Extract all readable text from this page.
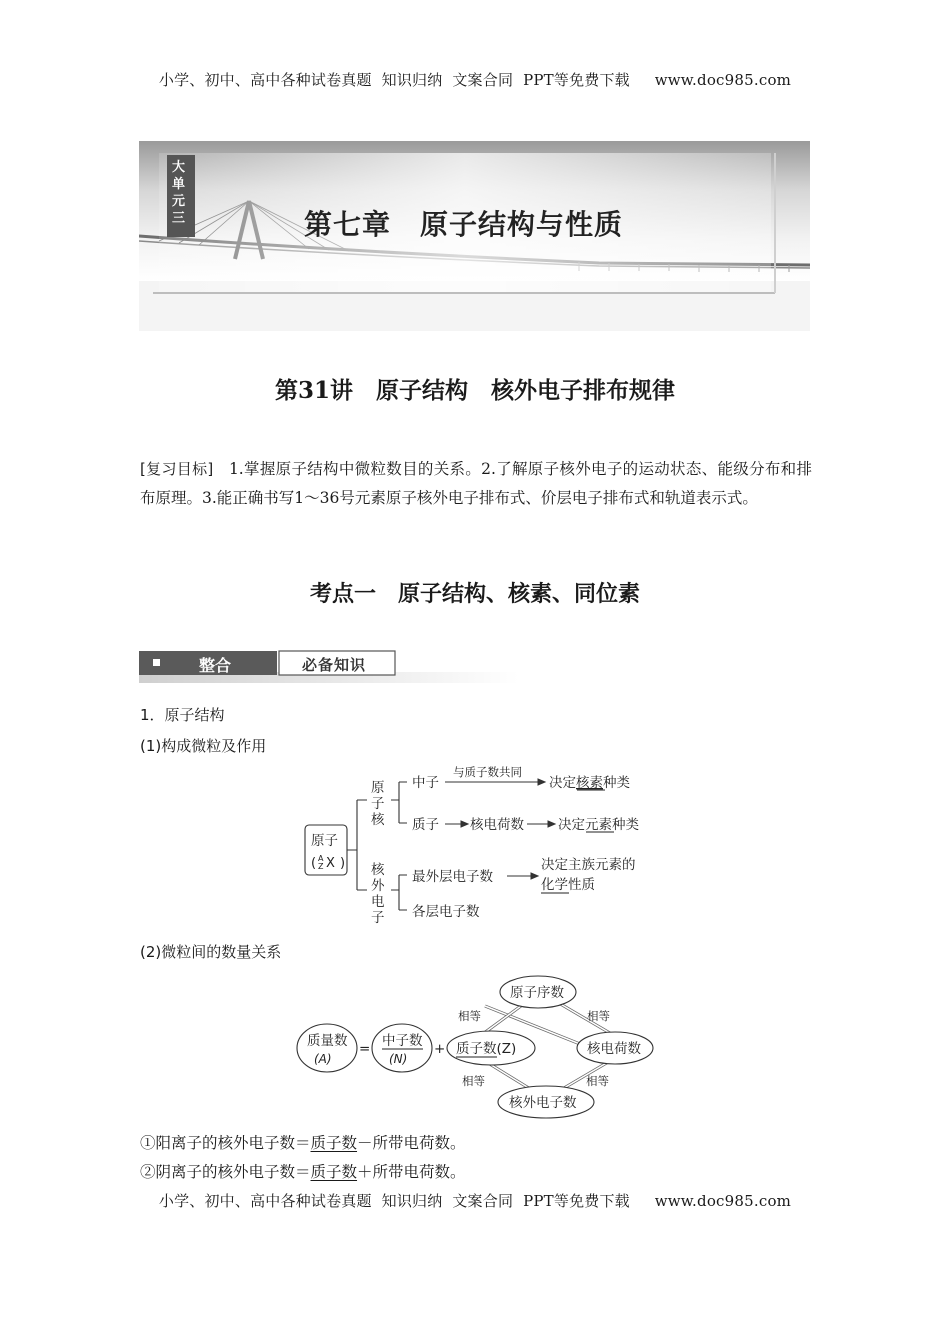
小学、初中、高中各种试卷真题  知识归纳  文案合同  PPT等免费下载     www.doc985.com
大单元三	第七章　原子结构与性质
第31讲　原子结构　核外电子排布规律
[复习目标] 1.掌握原子结构中微粒数目的关系。2.了解原子核外电子的运动状态、能级分布和排布原理。3.能正确书写1～36号元素原子核外电子排布式、价层电子排布式和轨道表示式。
考点一　原子结构、核素、同位素
整合	必备知识
1．原子结构
(1)构成微粒及作用
原子
( A
Z X )
原
子
核
核
外
电
子
中子
与质子数共同
决定核素种类
质子 核电荷数	决定元素种类
最外层电子数
决定主族元素的
化学性质
各层电子数
(2)微粒间的数量关系
质量数
(A)
= 中子数
(N)
+ 质子数(Z)
原子序数
核电荷数
核外电子数
相等	相等
相等	相等
①阳离子的核外电子数＝质子数－所带电荷数。
②阴离子的核外电子数＝质子数＋所带电荷数。
小学、初中、高中各种试卷真题  知识归纳  文案合同  PPT等免费下载     www.doc985.com
